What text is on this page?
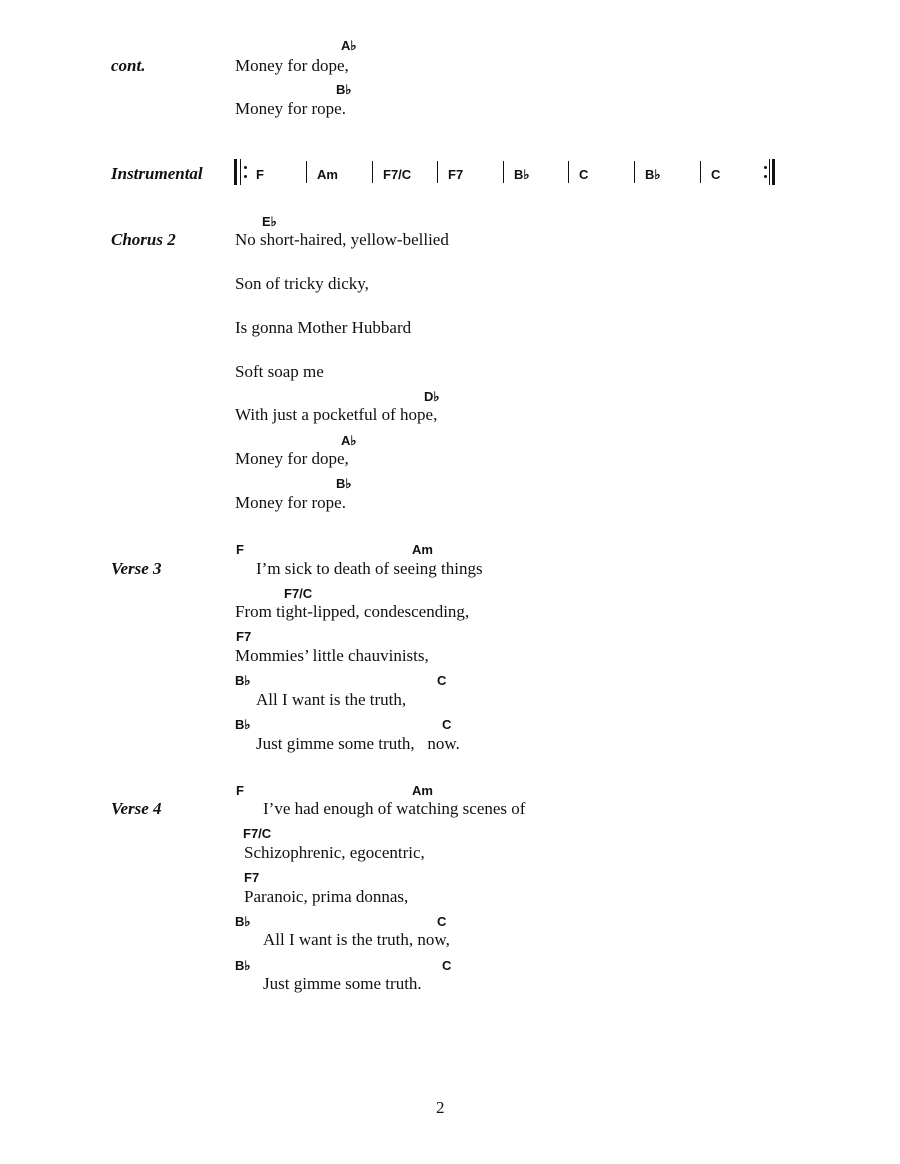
A♭
cont.	Money for dope,
B♭
Money for rope.
Instrumental	F	Am	F7/C	F7	B♭	C	B♭	C
E♭
Chorus 2	No short-haired, yellow-bellied
Son of tricky dicky,
Is gonna Mother Hubbard
Soft soap me
D♭
With just a pocketful of hope,
A♭
Money for dope,
B♭
Money for rope.
F	Am
Verse 3	I’m sick to death of seeing things
F7/C
From tight-lipped, condescending,
F7
Mommies’ little chauvinists,
B♭	C
All I want is the truth,
B♭	C
Just gimme some truth,   now.
F	Am
Verse 4	I’ve had enough of watching scenes of
F7/C
Schizophrenic, egocentric,
F7
Paranoic, prima donnas,
B♭	C
All I want is the truth, now,
B♭	C
Just gimme some truth.
2
